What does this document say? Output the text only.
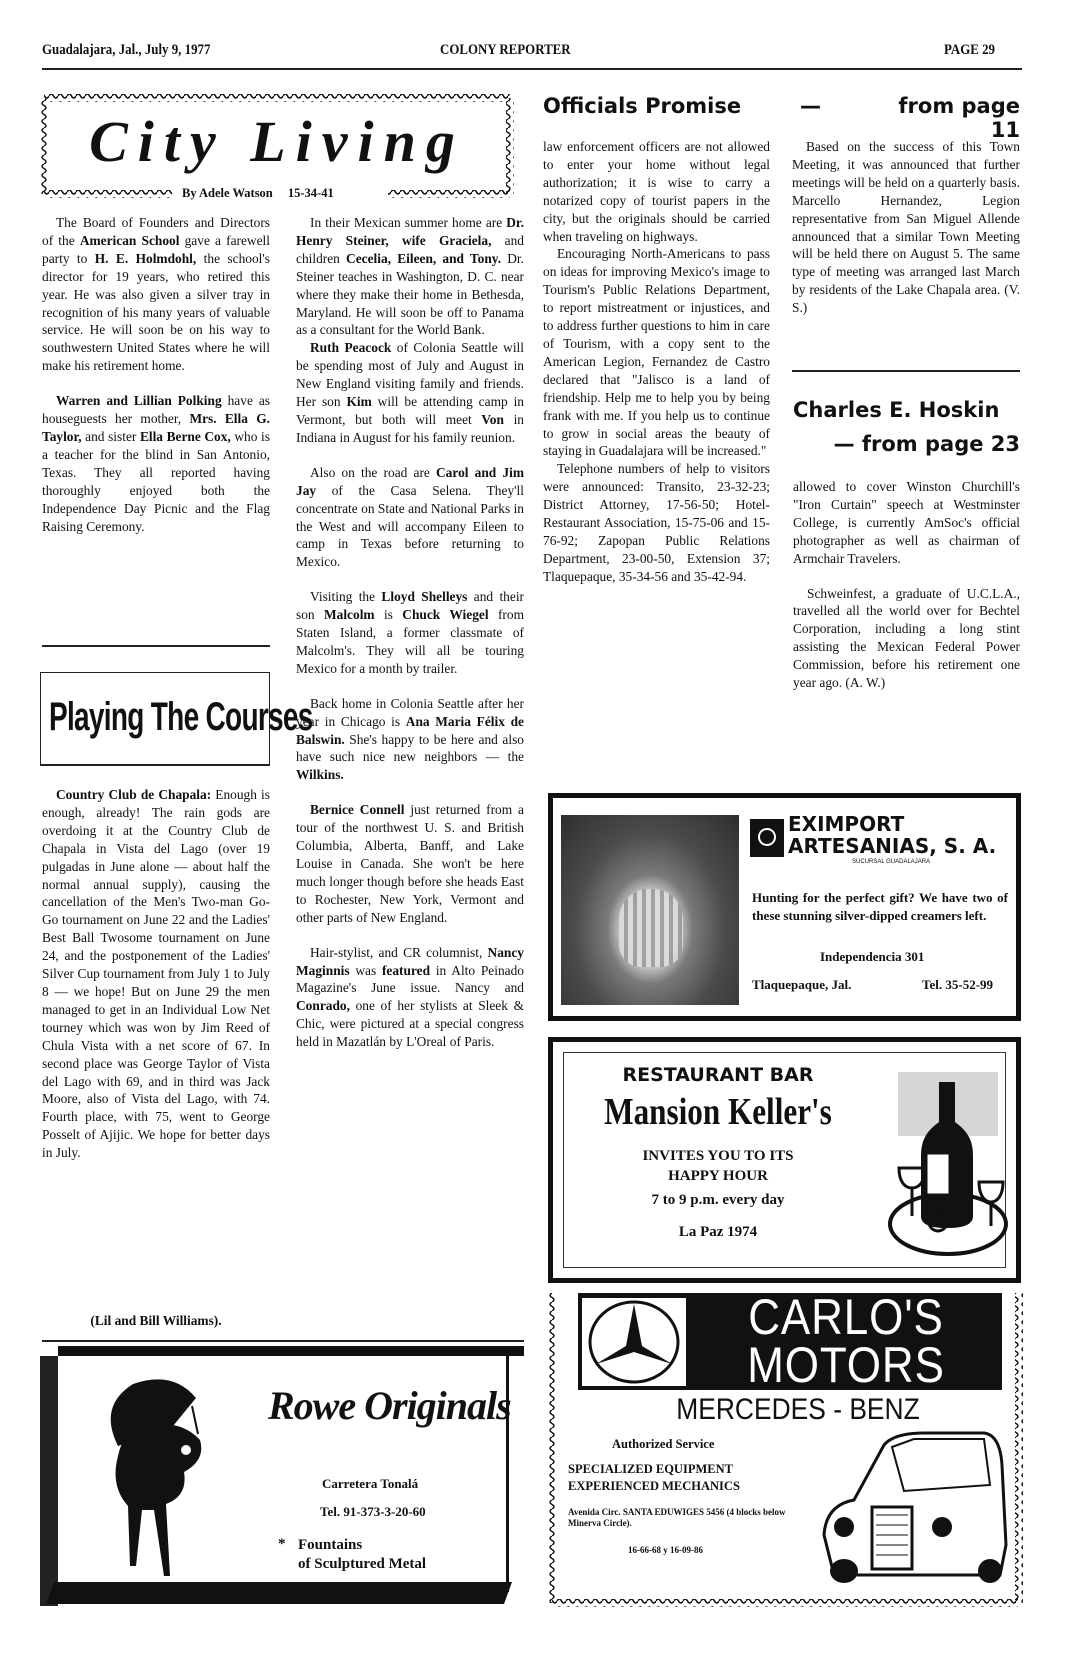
Guadalajara, Jal., July 9, 1977	COLONY REPORTER	PAGE 29
City Living
By Adele Watson 15-34-41

The Board of Founders and Directors of the American School gave a farewell party to H. E. Holmdohl, the school's director for 19 years, who retired this year. He was also given a silver tray in recognition of his many years of valuable service. He will soon be on his way to southwestern United States where he will make his retirement home.

Warren and Lillian Polking have as houseguests her mother, Mrs. Ella G. Taylor, and sister Ella Berne Cox, who is a teacher for the blind in San Antonio, Texas. They all reported having thoroughly enjoyed both the Independence Day Picnic and the Flag Raising Ceremony.

In their Mexican summer home are Dr. Henry Steiner, wife Graciela, and children Cecelia, Eileen, and Tony. Dr. Steiner teaches in Washington, D. C. near where they make their home in Bethesda, Maryland. He will soon be off to Panama as a consultant for the World Bank.

Ruth Peacock of Colonia Seattle will be spending most of July and August in New England visiting family and friends. Her son Kim will be attending camp in Vermont, but both will meet Von in Indiana in August for his family reunion.

Also on the road are Carol and Jim Jay of the Casa Selena. They'll concentrate on State and National Parks in the West and will accompany Eileen to camp in Texas before returning to Mexico.

Visiting the Lloyd Shelleys and their son Malcolm is Chuck Wiegel from Staten Island, a former classmate of Malcolm's. They will all be touring Mexico for a month by trailer.

Back home in Colonia Seattle after her year in Chicago is Ana Maria Félix de Balswin. She's happy to be here and also have such nice new neighbors — the Wilkins.

Bernice Connell just returned from a tour of the northwest U. S. and British Columbia, Alberta, Banff, and Lake Louise in Canada. She won't be here much longer though before she heads East to Rochester, New York, Vermont and other parts of New England.

Hair-stylist, and CR columnist, Nancy Maginnis was featured in Alto Peinado Magazine's June issue. Nancy and Conrado, one of her stylists at Sleek & Chic, were pictured at a special congress held in Mazatlán by L'Oreal of Paris.

Playing The Courses

Country Club de Chapala: Enough is enough, already! The rain gods are overdoing it at the Country Club de Chapala in Vista del Lago (over 19 pulgadas in June alone — about half the normal annual supply), causing the cancellation of the Men's Two-man Go-Go tournament on June 22 and the Ladies' Best Ball Twosome tournament on June 24, and the postponement of the Ladies' Silver Cup tournament from July 1 to July 8 — we hope! But on June 29 the men managed to get in an Individual Low Net tourney which was won by Jim Reed of Chula Vista with a net score of 67. In second place was George Taylor of Vista del Lago with 69, and in third was Jack Moore, also of Vista del Lago, with 74. Fourth place, with 75, went to George Posselt of Ajijic. We hope for better days in July.

(Lil and Bill Williams).
Officials Promise	—	from page 11

law enforcement officers are not allowed to enter your home without legal authorization; it is wise to carry a notarized copy of tourist papers in the city, but the originals should be carried when traveling on highways.

Encouraging North-Americans to pass on ideas for improving Mexico's image to Tourism's Public Relations Department, to report mistreatment or injustices, and to address further questions to him in care of Tourism, with a copy sent to the American Legion, Fernandez de Castro declared that "Jalisco is a land of friendship. Help me to help you by being frank with me. If you help us to continue to grow in social areas the beauty of staying in Guadalajara will be increased."

Telephone numbers of help to visitors were announced: Transito, 23-32-23; District Attorney, 17-56-50; Hotel-Restaurant Association, 15-75-06 and 15-76-92; Zapopan Public Relations Department, 23-00-50, Extension 37; Tlaquepaque, 35-34-56 and 35-42-94.

Based on the success of this Town Meeting, it was announced that further meetings will be held on a quarterly basis. Marcello Hernandez, Legion representative from San Miguel Allende announced that a similar Town Meeting will be held there on August 5. The same type of meeting was arranged last March by residents of the Lake Chapala area. (V. S.)

Charles E. Hoskin
— from page 23

allowed to cover Winston Churchill's "Iron Curtain" speech at Westminster College, is currently AmSoc's official photographer as well as chairman of Armchair Travelers.

Schweinfest, a graduate of U.C.L.A., travelled all the world over for Bechtel Corporation, including a long stint assisting the Mexican Federal Power Commission, before his retirement one year ago. (A. W.)

EXIMPORT
ARTESANIAS, S. A.
SUCURSAL GUADALAJARA
Hunting for the perfect gift? We have two of these stunning silver-dipped creamers left.
Independencia 301
Tlaquepaque, Jal.	Tel. 35-52-99
RESTAURANT BAR
Mansion Keller's
INVITES YOU TO ITS
HAPPY HOUR
7 to 9 p.m. every day
La Paz 1974
CARLO'S
MOTORS
MERCEDES - BENZ
Authorized Service
SPECIALIZED EQUIPMENT
EXPERIENCED MECHANICS
Avenida Circ. SANTA EDUWIGES 5456 (4 blocks below Minerva Circle).
16-66-68 y 16-09-86
Rowe Originals
Carretera Tonalá
Tel. 91-373-3-20-60
* Fountains
of Sculptured Metal
